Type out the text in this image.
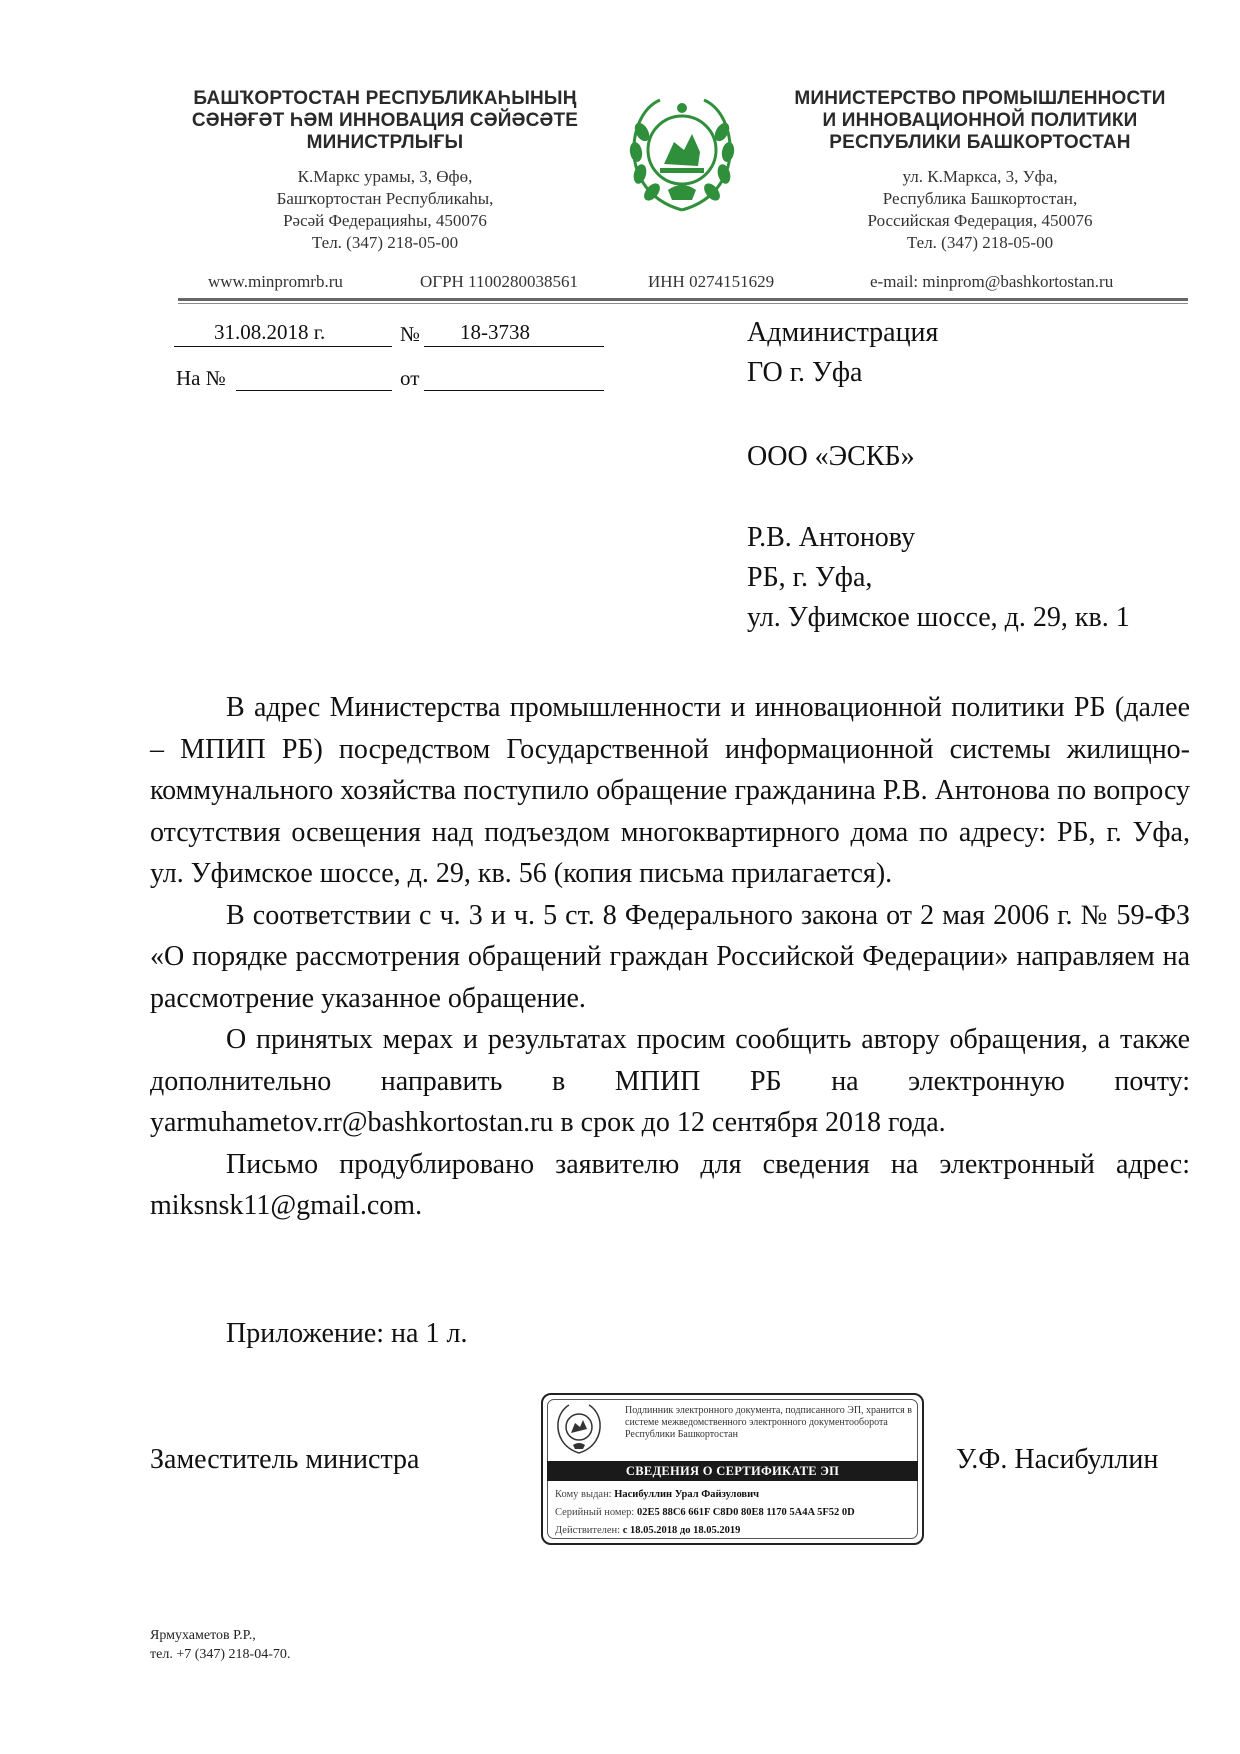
БАШҠОРТОСТАН РЕСПУБЛИКАҺЫНЫҢ
СӘНӘҒӘТ ҺӘМ ИННОВАЦИЯ СӘЙӘСӘТЕ
МИНИСТРЛЫҒЫ
К.Маркс урамы, 3, Өфө,
Башҡортостан Республикаһы,
Рәсәй Федерацияһы, 450076
Тел. (347) 218-05-00
МИНИСТЕРСТВО ПРОМЫШЛЕННОСТИ
И ИННОВАЦИОННОЙ ПОЛИТИКИ
РЕСПУБЛИКИ БАШКОРТОСТАН
ул. К.Маркса, 3, Уфа,
Республика Башкортостан,
Российская Федерация, 450076
Тел. (347) 218-05-00
www.minpromrb.ru	ОГРН 1100280038561	ИНН 0274151629	e-mail: minprom@bashkortostan.ru
31.08.2018 г.	№ 18-3738
На №	от
Администрация
ГО г. Уфа
ООО «ЭСКБ»
Р.В. Антонову
РБ, г. Уфа,
ул. Уфимское шоссе, д. 29, кв. 1

В адрес Министерства промышленности и инновационной политики РБ (далее – МПИП РБ) посредством Государственной информационной системы жилищно-коммунального хозяйства поступило обращение гражданина Р.В. Антонова по вопросу отсутствия освещения над подъездом многоквартирного дома по адресу: РБ, г. Уфа, ул. Уфимское шоссе, д. 29, кв. 56 (копия письма прилагается).

В соответствии с ч. 3 и ч. 5 ст. 8 Федерального закона от 2 мая 2006 г. № 59-ФЗ «О порядке рассмотрения обращений граждан Российской Федерации» направляем на рассмотрение указанное обращение.

О принятых мерах и результатах просим сообщить автору обращения, а также дополнительно направить в МПИП РБ на электронную почту: yarmuhametov.rr@bashkortostan.ru в срок до 12 сентября 2018 года.

Письмо продублировано заявителю для сведения на электронный адрес: miksnsk11@gmail.com.

Приложение: на 1 л.
Заместитель министра
Подлинник электронного документа, подписанного ЭП, хранится в системе межведомственного электронного документооборота Республики Башкортостан
СВЕДЕНИЯ О СЕРТИФИКАТЕ ЭП
Кому выдан: Насибуллин Урал Файзулович
Серийный номер: 02E5 88C6 661F C8D0 80E8 1170 5A4A 5F52 0D
Действителен: с 18.05.2018 до 18.05.2019
У.Ф. Насибуллин
Ярмухаметов Р.Р.,
тел. +7 (347) 218-04-70.
